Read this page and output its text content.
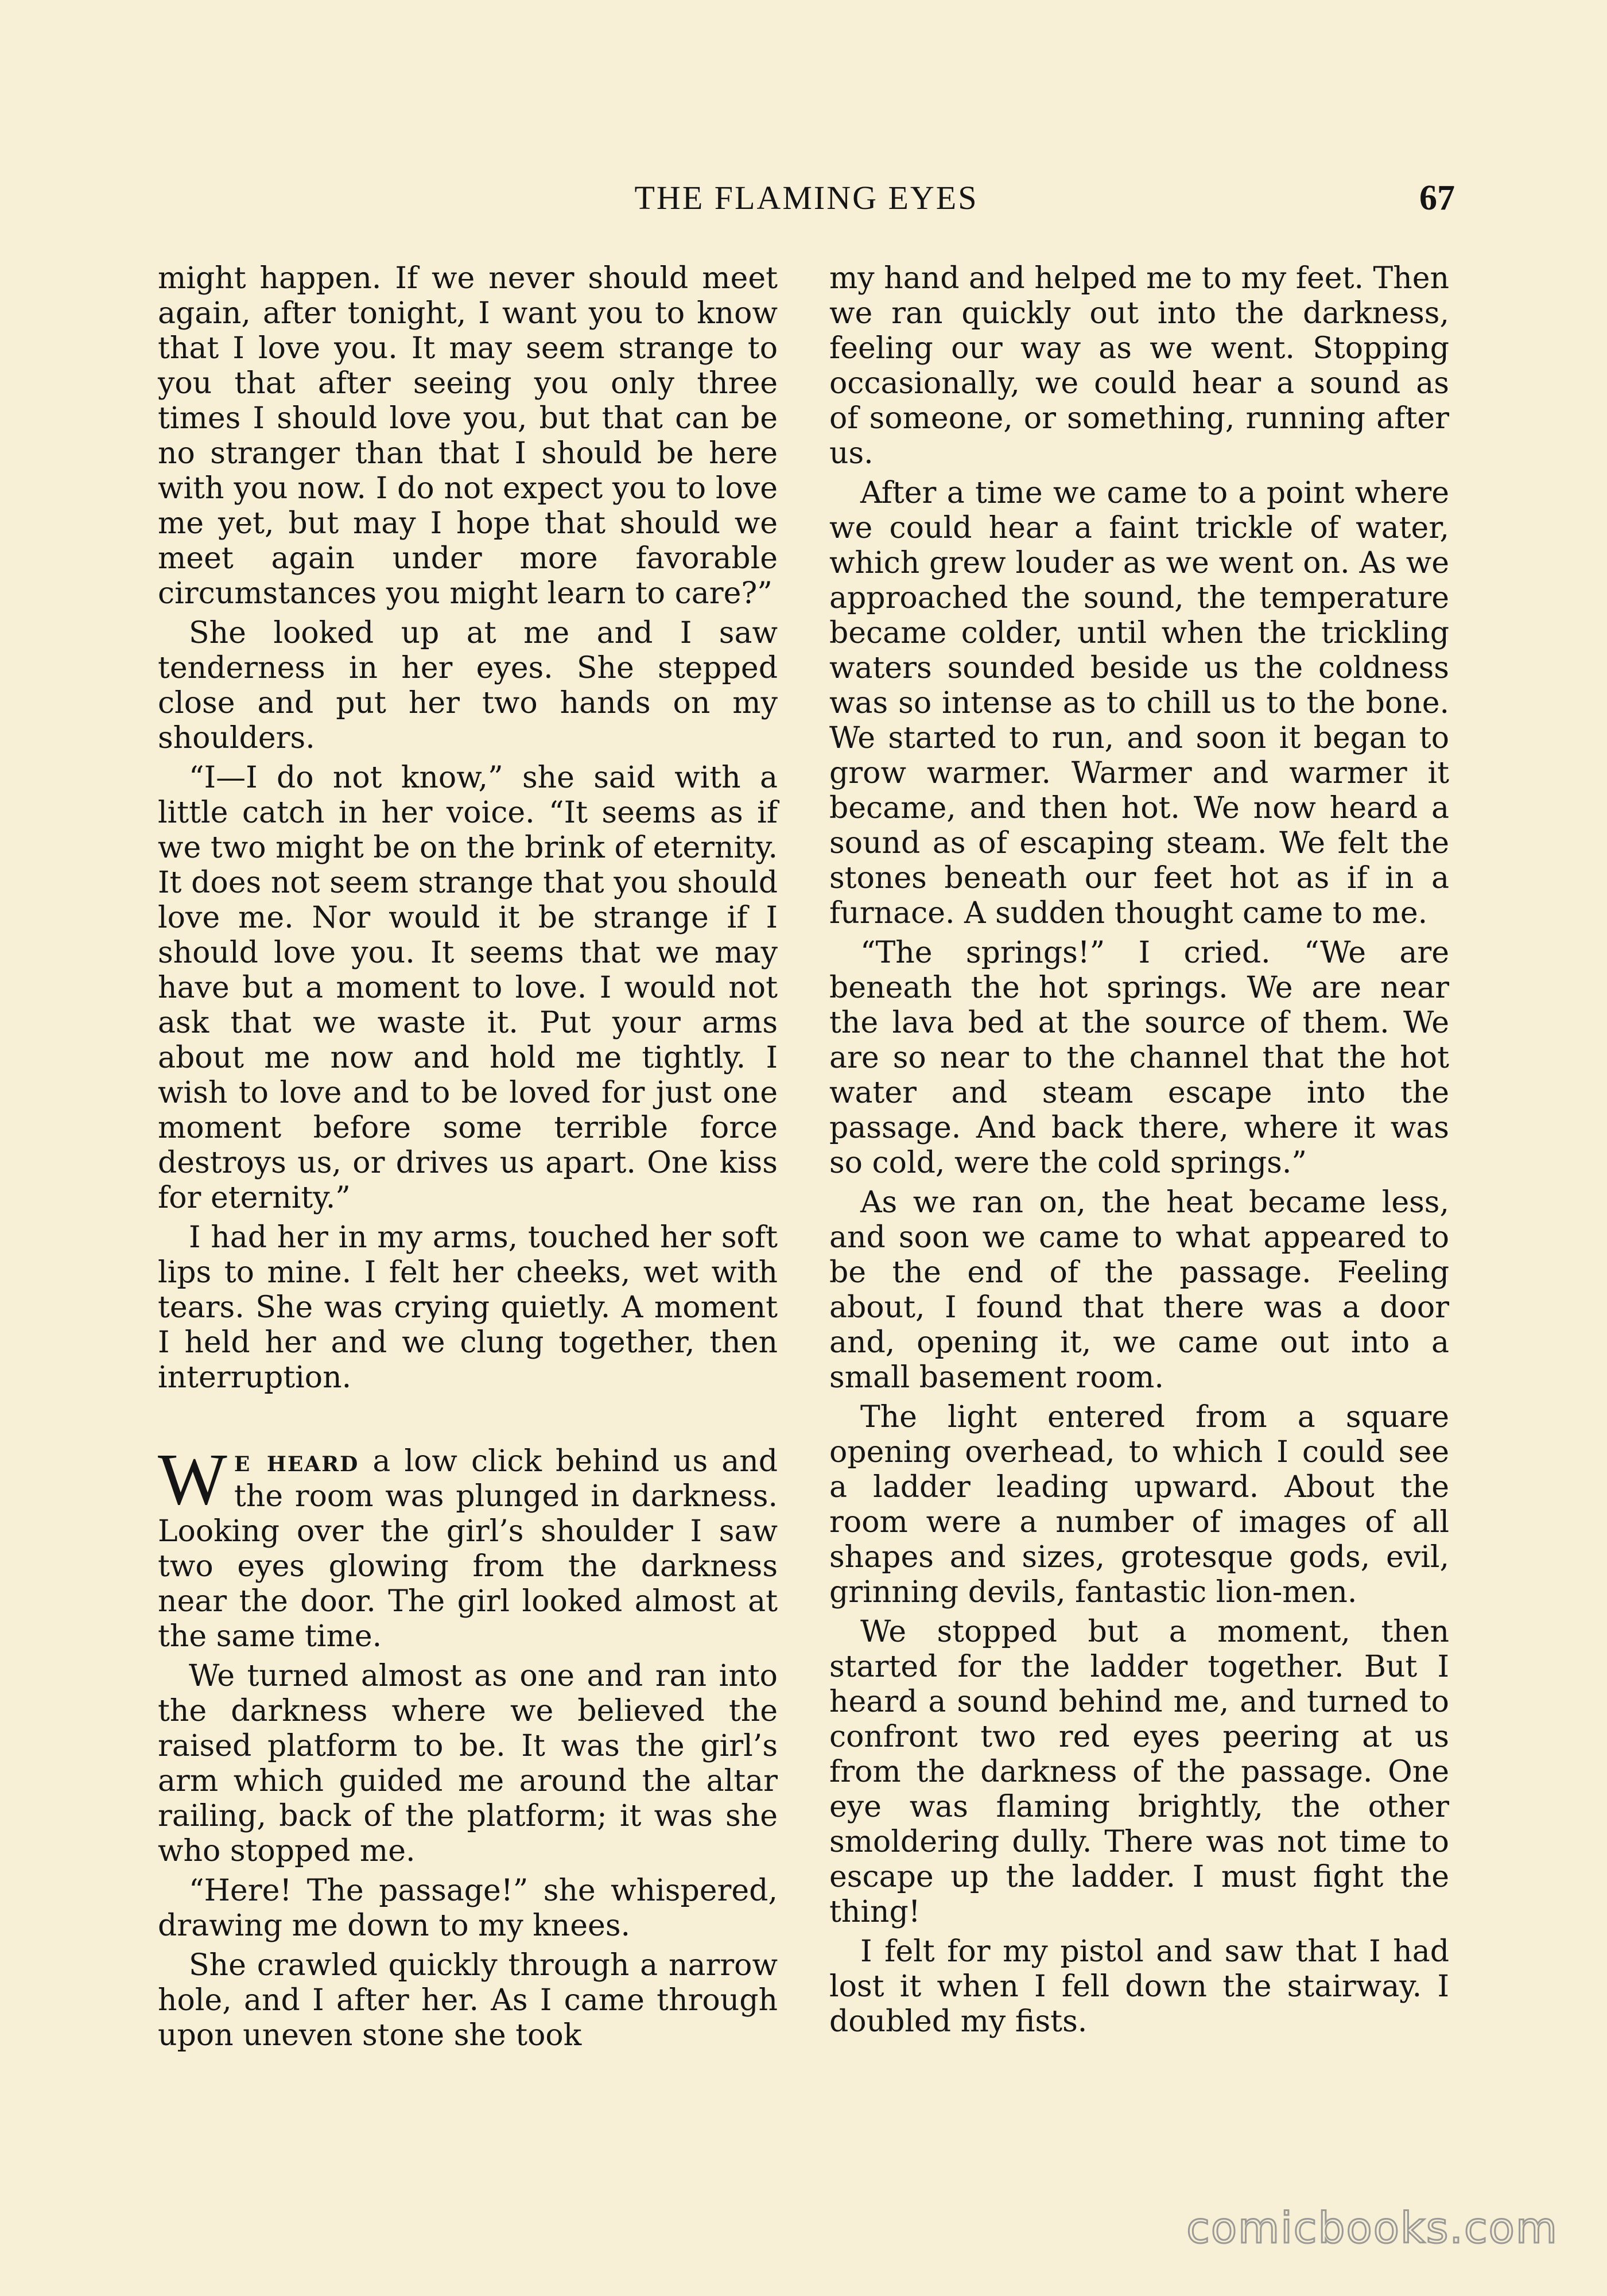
THE FLAMING EYES	67

might happen. If we never should meet again, after tonight, I want you to know that I love you. It may seem strange to you that after seeing you only three times I should love you, but that can be no stranger than that I should be here with you now. I do not expect you to love me yet, but may I hope that should we meet again under more favorable circumstances you might learn to care?”

She looked up at me and I saw tenderness in her eyes. She stepped close and put her two hands on my shoulders.

“I—I do not know,” she said with a little catch in her voice. “It seems as if we two might be on the brink of eternity. It does not seem strange that you should love me. Nor would it be strange if I should love you. It seems that we may have but a moment to love. I would not ask that we waste it. Put your arms about me now and hold me tightly. I wish to love and to be loved for just one moment before some terrible force destroys us, or drives us apart. One kiss for eternity.”

I had her in my arms, touched her soft lips to mine. I felt her cheeks, wet with tears. She was crying quietly. A moment I held her and we clung together, then interruption.

We heard a low click behind us and the room was plunged in darkness. Looking over the girl’s shoulder I saw two eyes glowing from the darkness near the door. The girl looked almost at the same time.

We turned almost as one and ran into the darkness where we believed the raised platform to be. It was the girl’s arm which guided me around the altar railing, back of the platform; it was she who stopped me.

“Here! The passage!” she whispered, drawing me down to my knees.

She crawled quickly through a narrow hole, and I after her. As I came through upon uneven stone she took

my hand and helped me to my feet. Then we ran quickly out into the darkness, feeling our way as we went. Stopping occasionally, we could hear a sound as of someone, or something, running after us.

After a time we came to a point where we could hear a faint trickle of water, which grew louder as we went on. As we approached the sound, the temperature became colder, until when the trickling waters sounded beside us the coldness was so intense as to chill us to the bone. We started to run, and soon it began to grow warmer. Warmer and warmer it became, and then hot. We now heard a sound as of escaping steam. We felt the stones beneath our feet hot as if in a furnace. A sudden thought came to me.

“The springs!” I cried. “We are beneath the hot springs. We are near the lava bed at the source of them. We are so near to the channel that the hot water and steam escape into the passage. And back there, where it was so cold, were the cold springs.”

As we ran on, the heat became less, and soon we came to what appeared to be the end of the passage. Feeling about, I found that there was a door and, opening it, we came out into a small basement room.

The light entered from a square opening overhead, to which I could see a ladder leading upward. About the room were a number of images of all shapes and sizes, grotesque gods, evil, grinning devils, fantastic lion-men.

We stopped but a moment, then started for the ladder together. But I heard a sound behind me, and turned to confront two red eyes peering at us from the darkness of the passage. One eye was flaming brightly, the other smoldering dully. There was not time to escape up the ladder. I must fight the thing!

I felt for my pistol and saw that I had lost it when I fell down the stairway. I doubled my fists.

comicbooks.com
